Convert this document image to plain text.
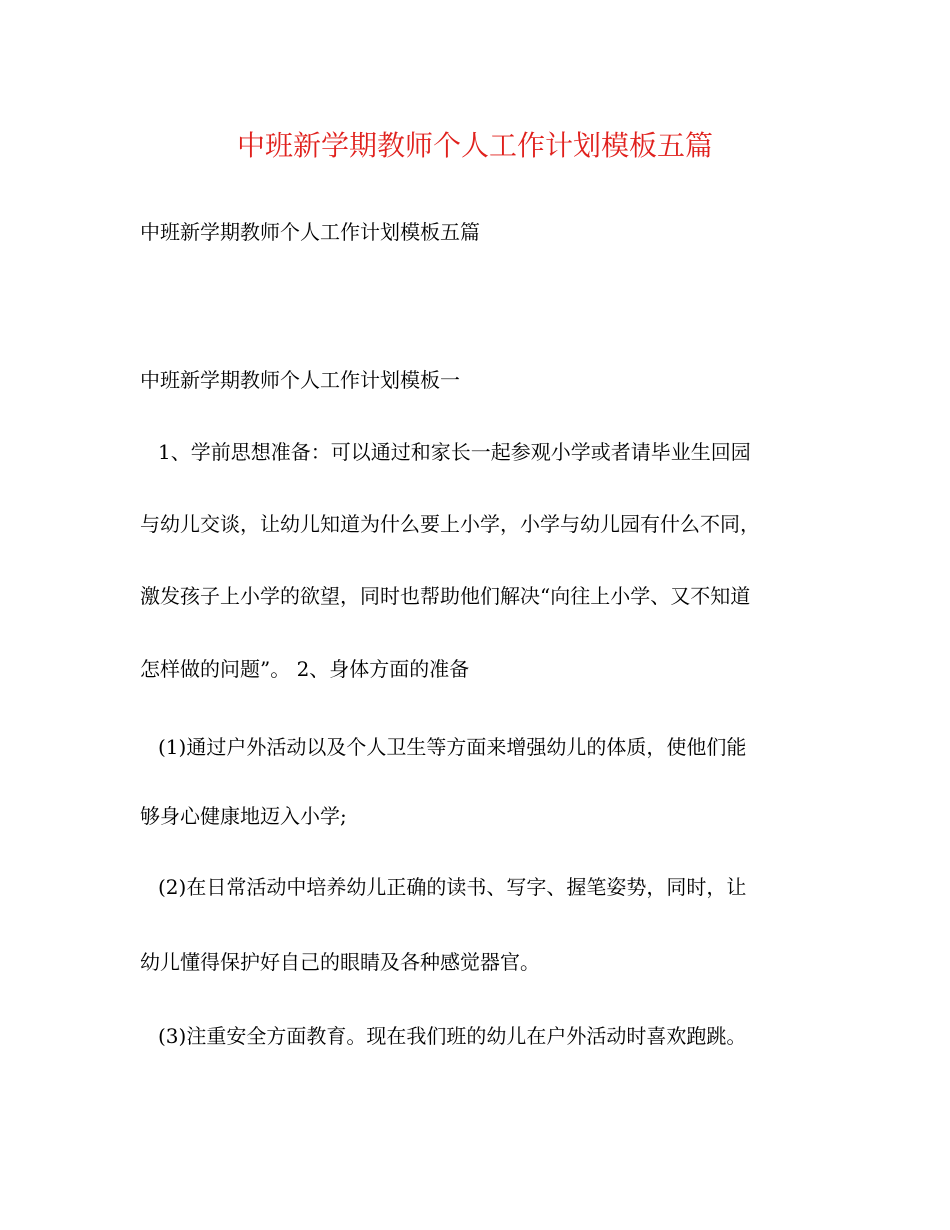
中班新学期教师个人工作计划模板五篇
中班新学期教师个人工作计划模板五篇
中班新学期教师个人工作计划模板一
1、学前思想准备：可以通过和家长一起参观小学或者请毕业生回园
与幼儿交谈，让幼儿知道为什么要上小学，小学与幼儿园有什么不同，
激发孩子上小学的欲望，同时也帮助他们解决“向往上小学、又不知道
怎样做的问题”。 2、身体方面的准备
(1)通过户外活动以及个人卫生等方面来增强幼儿的体质，使他们能
够身心健康地迈入小学;
(2)在日常活动中培养幼儿正确的读书、写字、握笔姿势，同时，让
幼儿懂得保护好自己的眼睛及各种感觉器官。
(3)注重安全方面教育。现在我们班的幼儿在户外活动时喜欢跑跳。
